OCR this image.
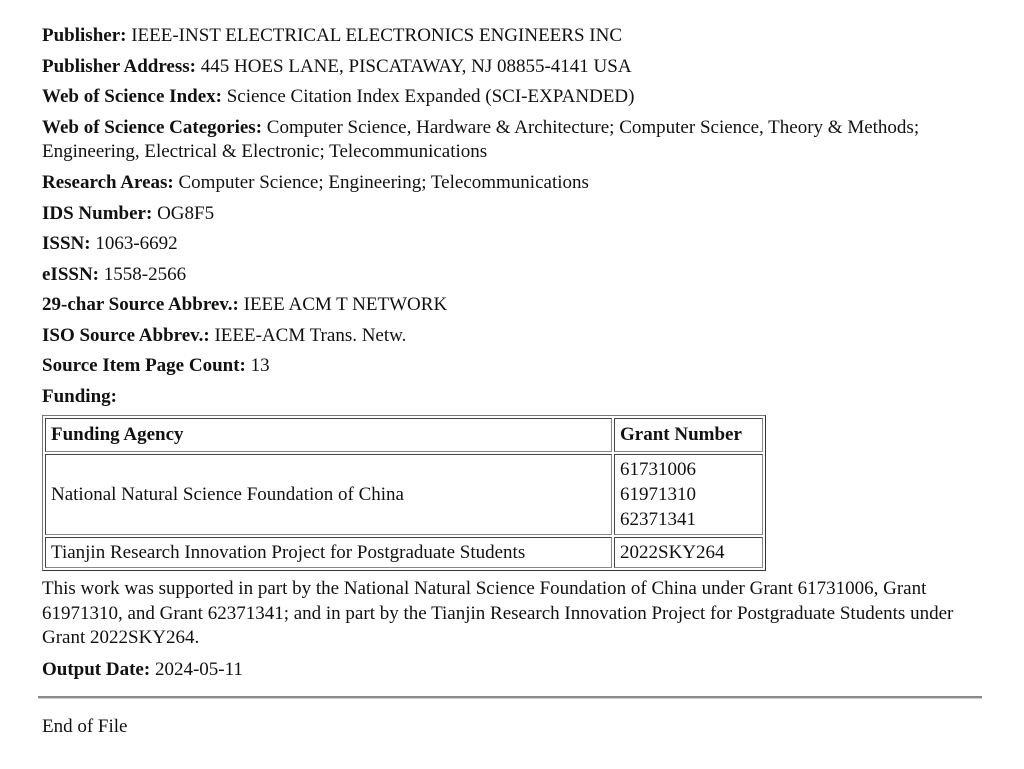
Publisher: IEEE-INST ELECTRICAL ELECTRONICS ENGINEERS INC
Publisher Address: 445 HOES LANE, PISCATAWAY, NJ 08855-4141 USA
Web of Science Index: Science Citation Index Expanded (SCI-EXPANDED)
Web of Science Categories: Computer Science, Hardware & Architecture; Computer Science, Theory & Methods; Engineering, Electrical & Electronic; Telecommunications
Research Areas: Computer Science; Engineering; Telecommunications
IDS Number: OG8F5
ISSN: 1063-6692
eISSN: 1558-2566
29-char Source Abbrev.: IEEE ACM T NETWORK
ISO Source Abbrev.: IEEE-ACM Trans. Netw.
Source Item Page Count: 13
Funding:
Funding Agency	Grant Number
National Natural Science Foundation of China	61731006
61971310
62371341

Tianjin Research Innovation Project for Postgraduate Students	2022SKY264
This work was supported in part by the National Natural Science Foundation of China under Grant 61731006, Grant 61971310, and Grant 62371341; and in part by the Tianjin Research Innovation Project for Postgraduate Students under Grant 2022SKY264.
Output Date: 2024-05-11
End of File
